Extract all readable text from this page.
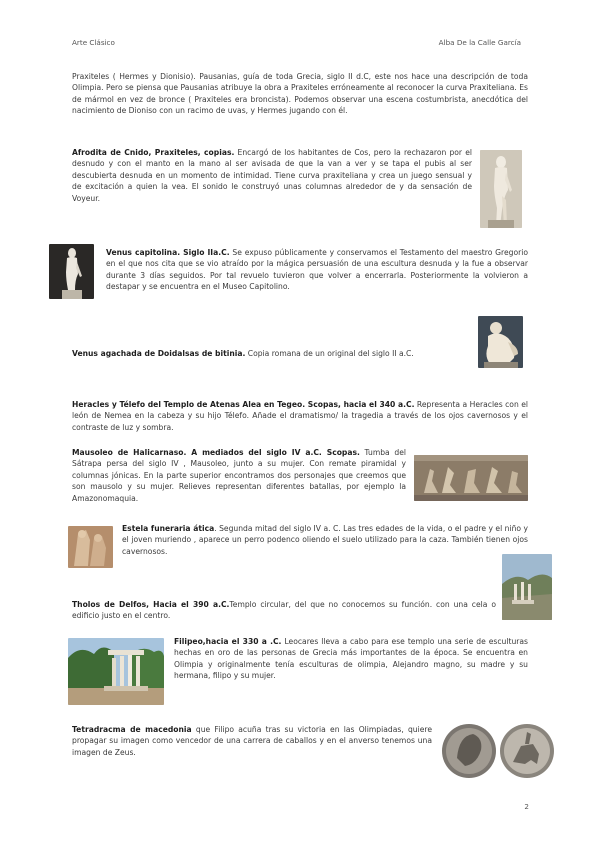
Arte Clásico	Alba De la Calle García
Praxiteles ( Hermes y Dionisio). Pausanias, guía de toda Grecia, siglo II d.C, este nos hace una descripción de toda Olimpia. Pero se piensa que Pausanias atribuye la obra a Praxiteles erróneamente al reconocer la curva Praxiteliana. Es de mármol en vez de bronce ( Praxiteles era broncista). Podemos observar una escena costumbrista, anecdótica del nacimiento de Dioniso con un racimo de uvas, y Hermes jugando con él.
Afrodita de Cnido, Praxiteles, copias. Encargó de los habitantes de Cos, pero la rechazaron por el desnudo y con el manto en la mano al ser avisada de que la van a ver y se tapa el pubis al ser descubierta desnuda en un momento de intimidad. Tiene curva praxiteliana y crea un juego sensual y de excitación a quien la vea. El sonido le construyó unas columnas alrededor de y da sensación de Voyeur.
Venus capitolina. Siglo IIa.C. Se expuso públicamente y conservamos el Testamento del maestro Gregorio en el que nos cita que se vio atraído por la mágica persuasión de una escultura desnuda y la fue a observar durante 3 días seguidos. Por tal revuelo tuvieron que volver a encerrarla. Posteriormente la volvieron a destapar y se encuentra en el Museo Capitolino.
Venus agachada de Doidalsas de bitinia. Copia romana de un original del siglo II a.C.
Heracles y Télefo del Templo de Atenas Alea en Tegeo. Scopas, hacia el 340 a.C. Representa a Heracles con el león de Nemea en la cabeza y su hijo Télefo. Añade el dramatismo/ la tragedia a través de los ojos cavernosos y el contraste de luz y sombra.
Mausoleo de Halicarnaso. A mediados del siglo IV a.C. Scopas. Tumba del Sátrapa persa del siglo IV , Mausoleo, junto a su mujer. Con remate piramidal y columnas jónicas. En la parte superior encontramos dos personajes que creemos que son mausolo y su mujer. Relieves representan diferentes batallas, por ejemplo la Amazonomaquia.
Estela funeraria ática. Segunda mitad del siglo IV a. C. Las tres edades de la vida, o el padre y el niño y el joven muriendo , aparece un perro podenco oliendo el suelo utilizado para la caza. También tienen ojos cavernosos.
Tholos de Delfos, Hacia el 390 a.C.Templo circular, del que no conocemos su función. con una cela o edificio justo en el centro.
Filipeo,hacia el 330 a .C. Leocares lleva a cabo para ese templo una serie de esculturas hechas en oro de las personas de Grecia más importantes de la época. Se encuentra en Olimpia y originalmente tenía esculturas de olimpia, Alejandro magno, su madre y su hermana, filipo y su mujer.
Tetradracma de macedonia que Filipo acuña tras su victoria en las Olimpiadas, quiere propagar su imagen como vencedor de una carrera de caballos y en el anverso tenemos una imagen de Zeus.
2
